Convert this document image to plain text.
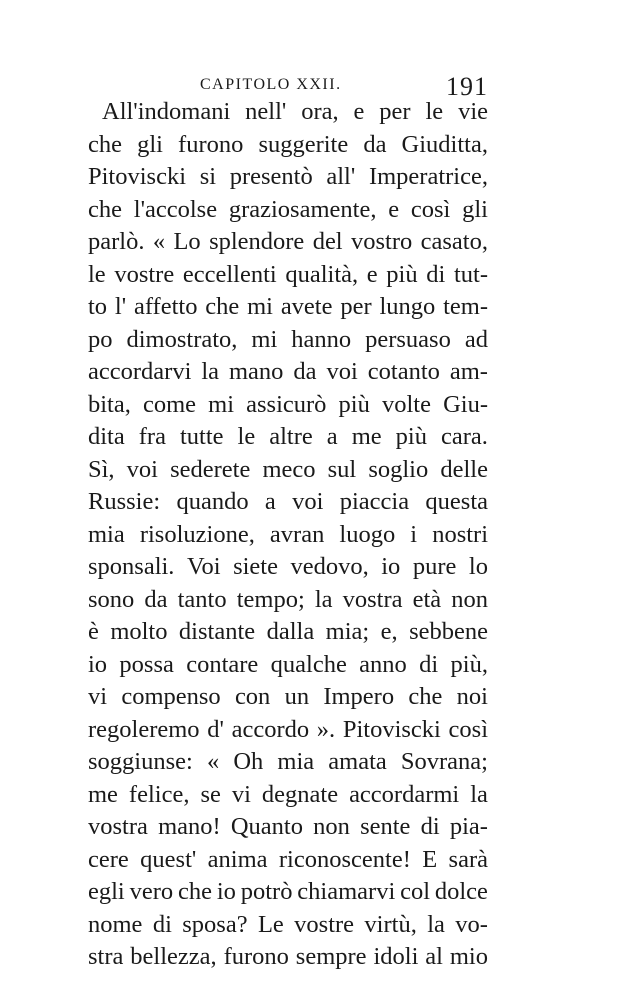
CAPITOLO XXII.	191
All'indomani nell' ora, e per le vie
che gli furono suggerite da Giuditta,
Pitoviscki si presentò all' Imperatrice,
che l'accolse graziosamente, e così gli
parlò. « Lo splendore del vostro casato,
le vostre eccellenti qualità, e più di tut-
to l' affetto che mi avete per lungo tem-
po dimostrato, mi hanno persuaso ad
accordarvi la mano da voi cotanto am-
bita, come mi assicurò più volte Giu-
dita fra tutte le altre a me più cara.
Sì, voi sederete meco sul soglio delle
Russie: quando a voi piaccia questa
mia risoluzione, avran luogo i nostri
sponsali. Voi siete vedovo, io pure lo
sono da tanto tempo; la vostra età non
è molto distante dalla mia; e, sebbene
io possa contare qualche anno di più,
vi compenso con un Impero che noi
regoleremo d' accordo ». Pitoviscki così
soggiunse: « Oh mia amata Sovrana;
me felice, se vi degnate accordarmi la
vostra mano! Quanto non sente di pia-
cere quest' anima riconoscente! E sarà
egli vero che io potrò chiamarvi col dolce
nome di sposa? Le vostre virtù, la vo-
stra bellezza, furono sempre idoli al mio
